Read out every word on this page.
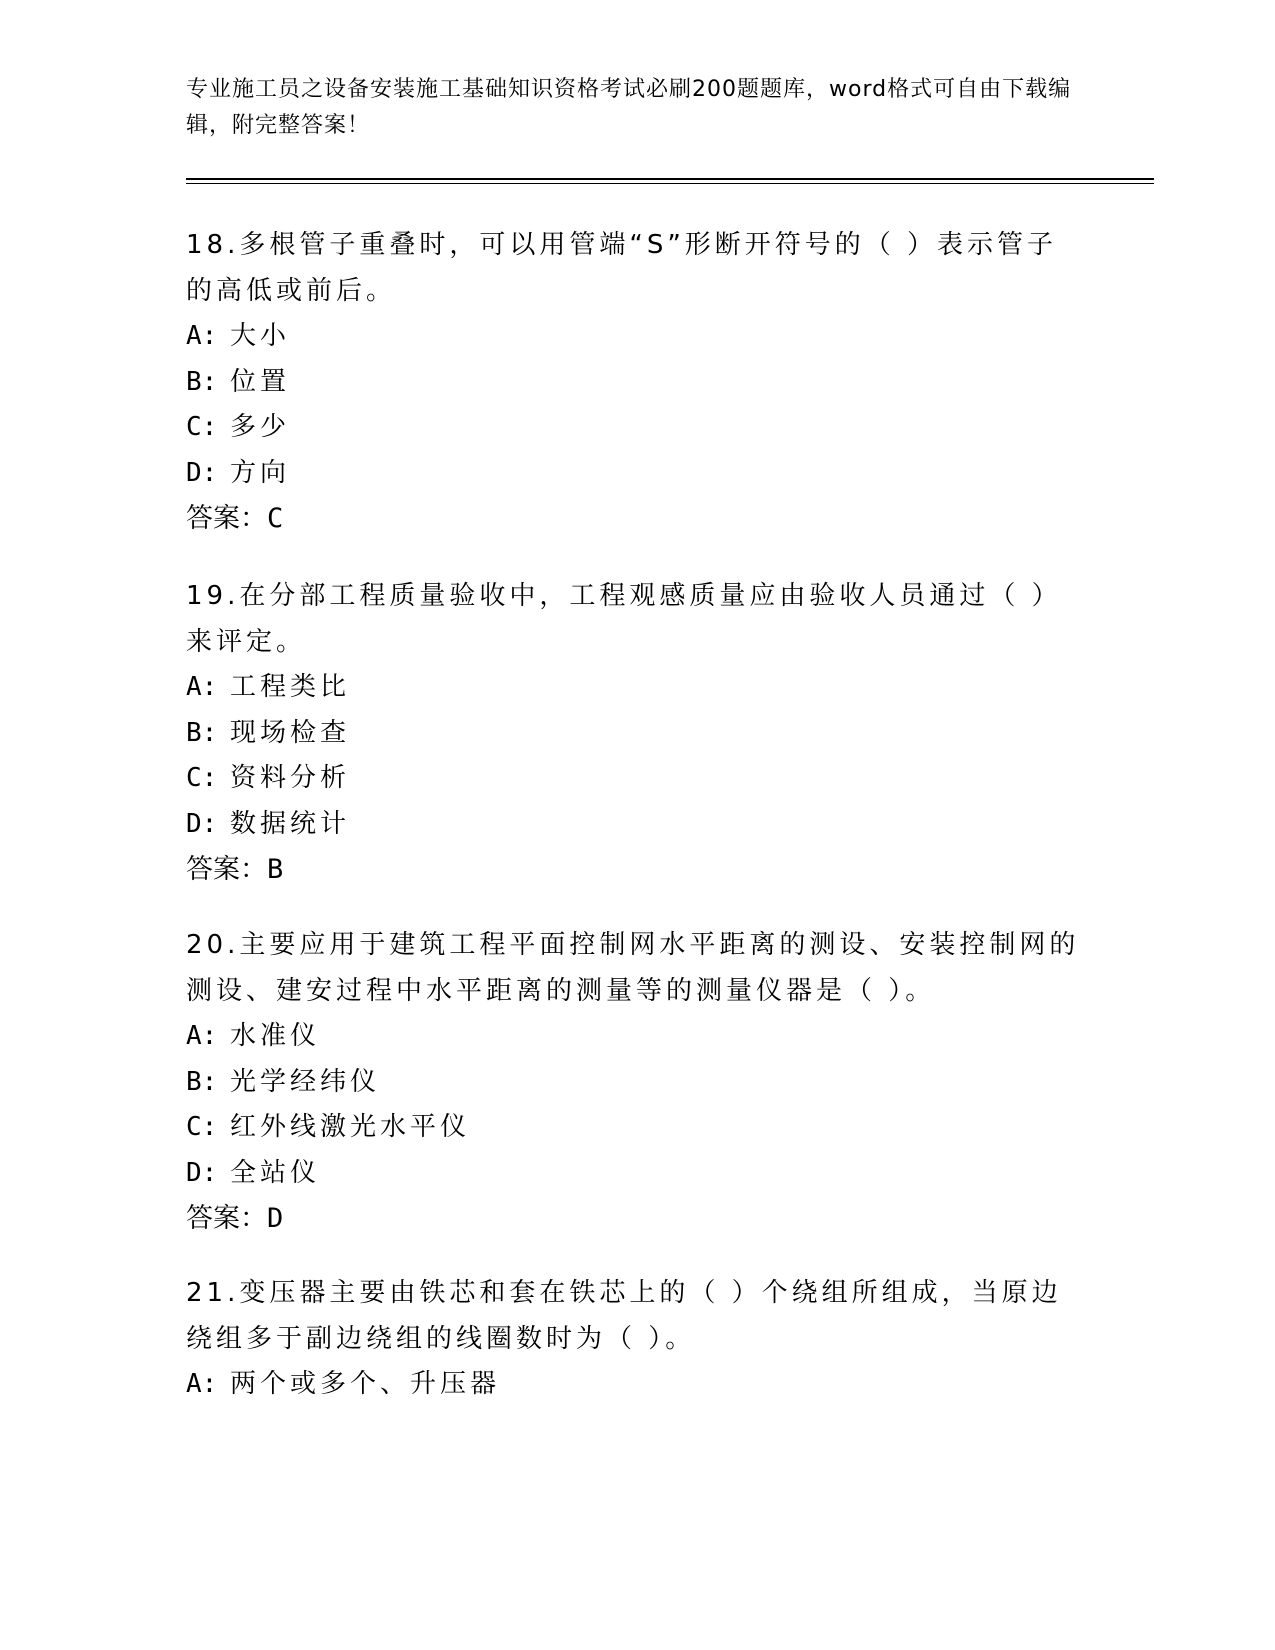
专业施工员之设备安装施工基础知识资格考试必刷200题题库，word格式可自由下载编辑，附完整答案！

18.多根管子重叠时，可以用管端“S”形断开符号的（ ）表示管子的高低或前后。

A: 大小

B: 位置

C: 多少

D: 方向

答案：C

19.在分部工程质量验收中，工程观感质量应由验收人员通过（ ）来评定。

A: 工程类比

B: 现场检查

C: 资料分析

D: 数据统计

答案：B

20.主要应用于建筑工程平面控制网水平距离的测设、安装控制网的测设、建安过程中水平距离的测量等的测量仪器是（ ）。

A: 水准仪

B: 光学经纬仪

C: 红外线激光水平仪

D: 全站仪

答案：D

21.变压器主要由铁芯和套在铁芯上的（ ）个绕组所组成，当原边绕组多于副边绕组的线圈数时为（ ）。

A: 两个或多个、升压器
